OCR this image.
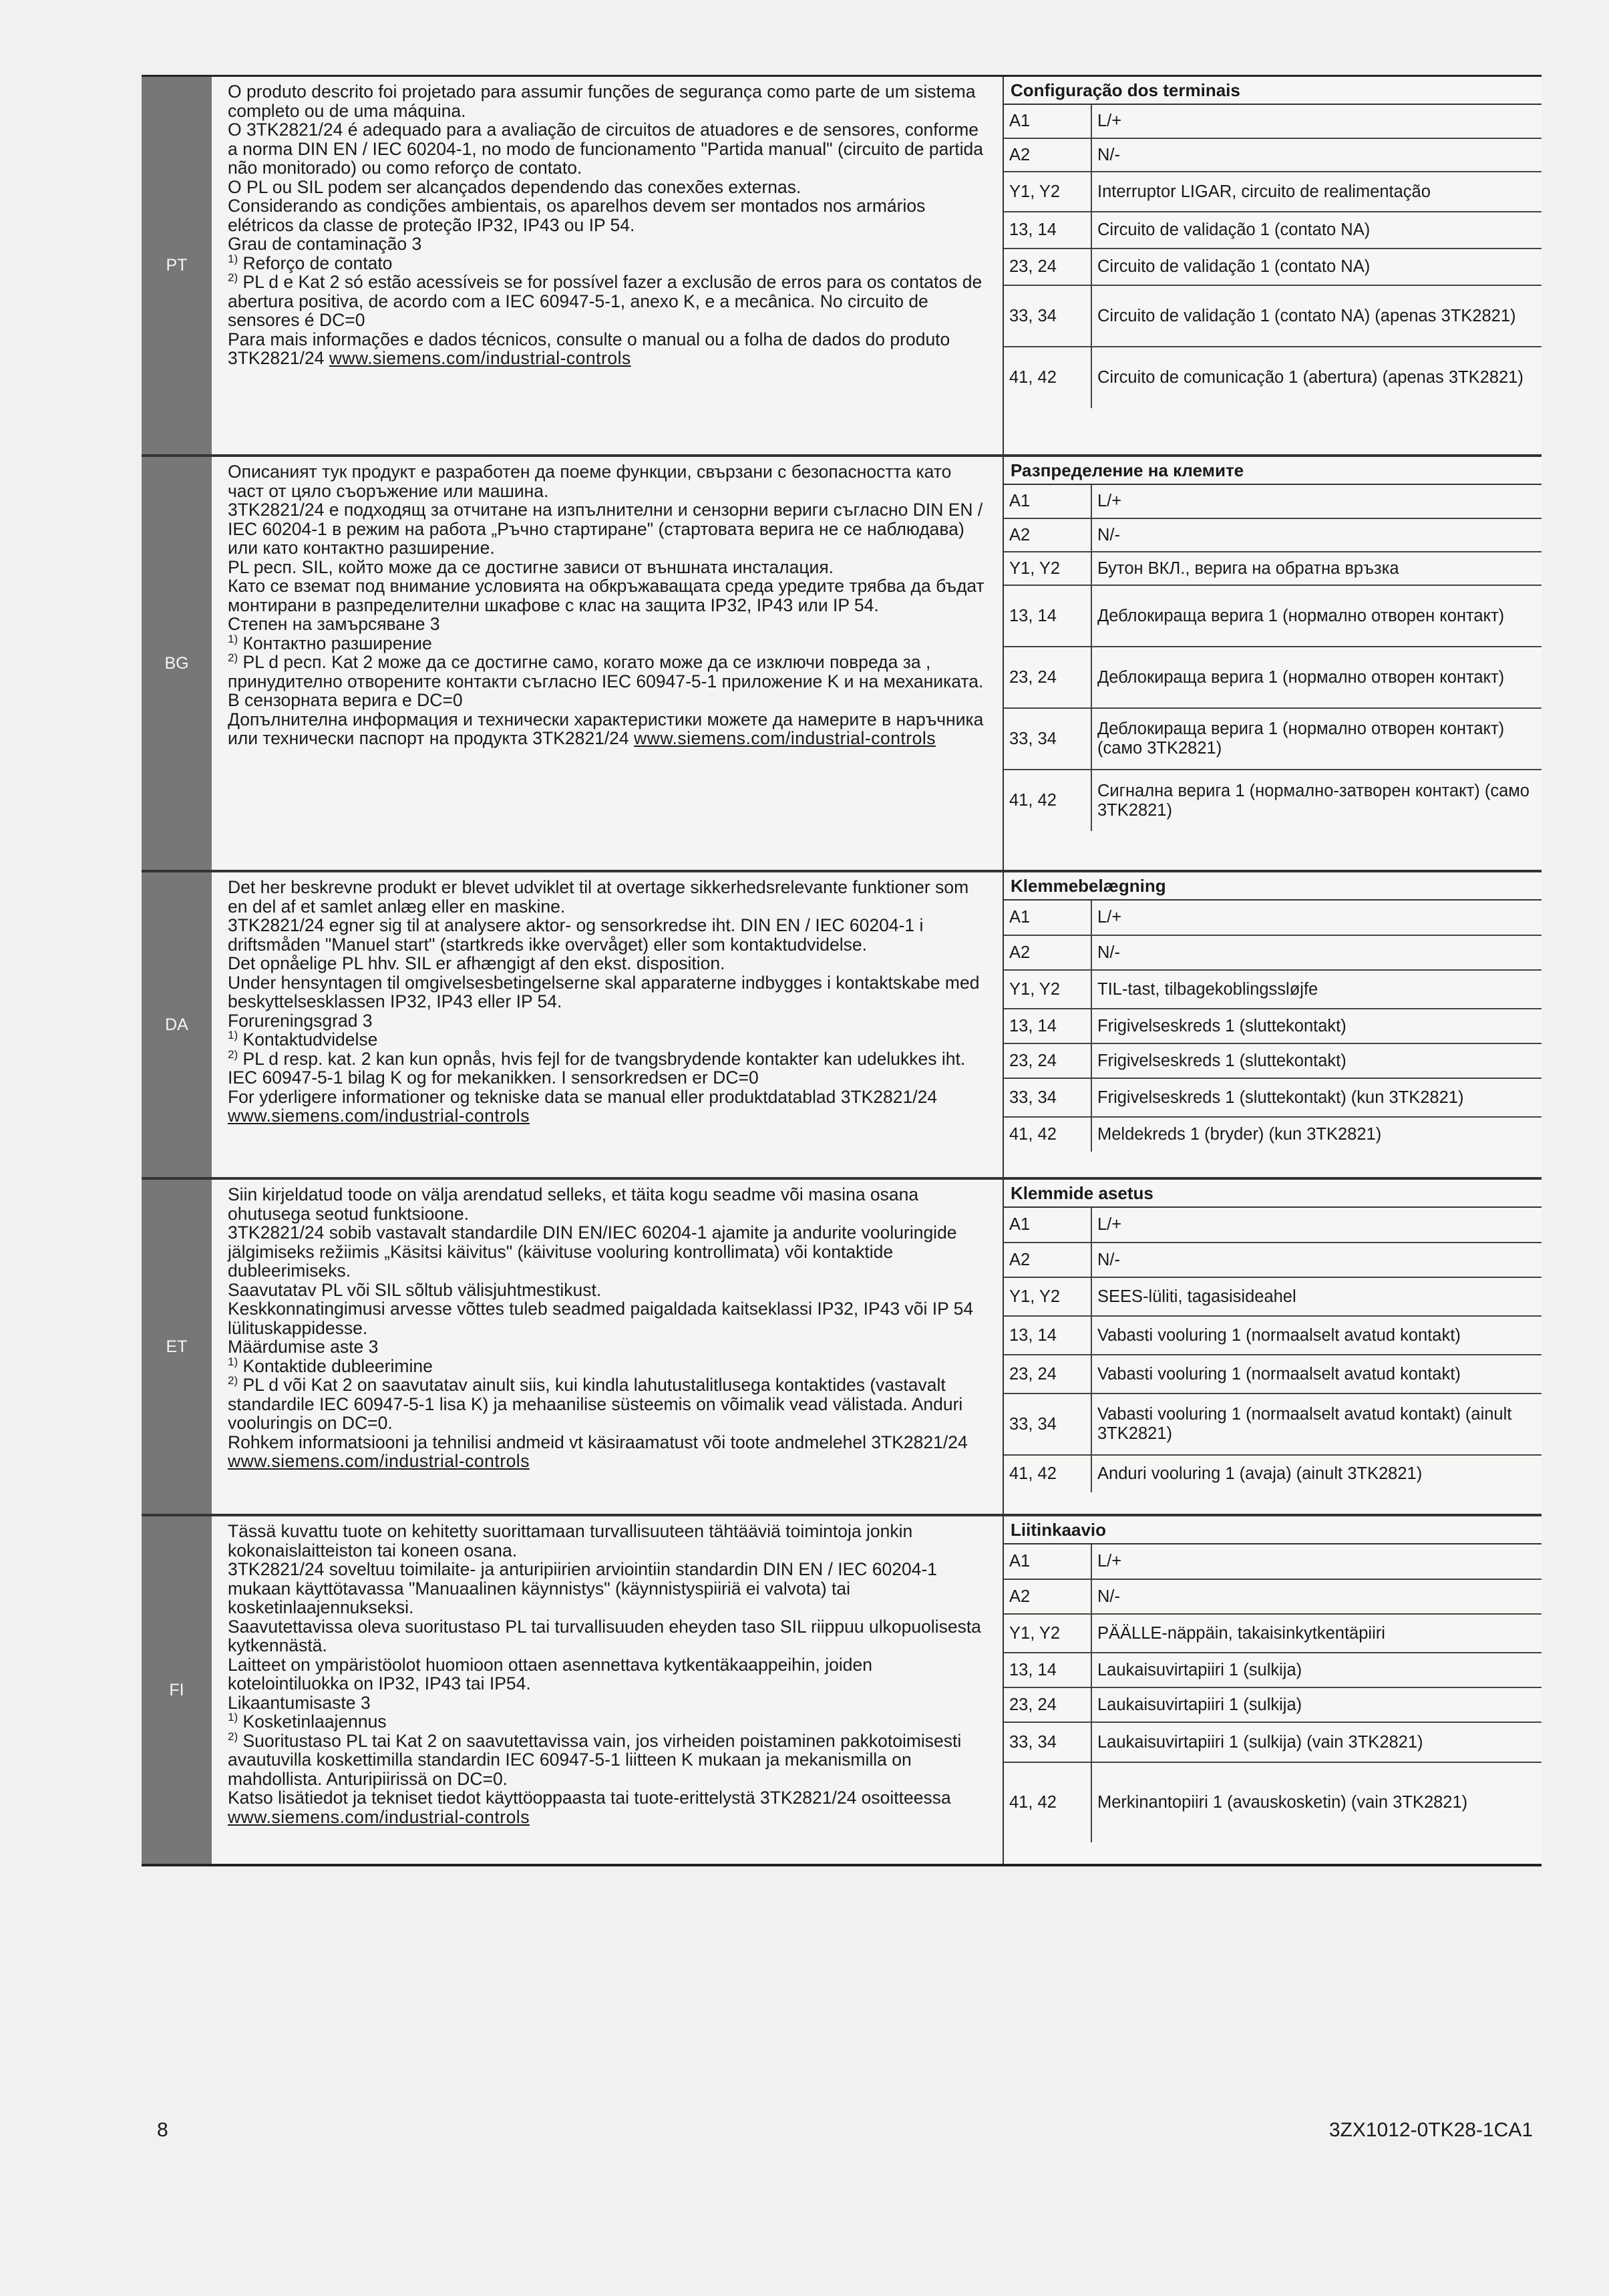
PT

O produto descrito foi projetado para assumir funções de segurança como parte de um sistema completo ou de uma máquina.

O 3TK2821/24 é adequado para a avaliação de circuitos de atuadores e de sensores, conforme a norma DIN EN / IEC 60204-1, no modo de funcionamento "Partida manual" (circuito de partida não monitorado) ou como reforço de contato.

O PL ou SIL podem ser alcançados dependendo das conexões externas.

Considerando as condições ambientais, os aparelhos devem ser montados nos armários elétricos da classe de proteção IP32, IP43 ou IP 54.

Grau de contaminação 3

$^{1)}$ Reforço de contato

$^{2)}$ PL d e Kat 2 só estão acessíveis se for possível fazer a exclusão de erros para os contatos de abertura positiva, de acordo com a IEC 60947-5-1, anexo K, e a mecânica. No circuito de sensores é DC=0

Para mais informações e dados técnicos, consulte o manual ou a folha de dados do produto 3TK2821/24 www.siemens.com/industrial-controls

Configuração dos terminais
A1	L/+
A2	N/-
Y1, Y2	Interruptor LIGAR, circuito de realimentação
13, 14	Circuito de validação 1 (contato NA)
23, 24	Circuito de validação 1 (contato NA)
33, 34	Circuito de validação 1 (contato NA) (apenas 3TK2821)
41, 42	Circuito de comunicação 1 (abertura) (apenas 3TK2821)
BG

Описаният тук продукт е разработен да поеме функции, свързани с безопасността като част от цяло съоръжение или машина.

3TK2821/24 е подходящ за отчитане на изпълнителни и сензорни вериги съгласно DIN EN / IEC 60204-1 в режим на работа „Ръчно стартиране" (стартовата верига не се наблюдава) или като контактно разширение.

PL респ. SIL, който може да се достигне зависи от външната инсталация.

Като се вземат под внимание условията на обкръжаващата среда уредите трябва да бъдат монтирани в разпределителни шкафове с клас на защита IP32, IP43 или IP 54.

Степен на замърсяване 3

$^{1)}$ Контактно разширение

$^{2)}$ PL d респ. Kat 2 може да се достигне само, когато може да се изключи повреда за , принудително отворените контакти съгласно IEC 60947-5-1 приложение K и на механиката. В сензорната верига е DC=0

Допълнителна информация и технически характеристики можете да намерите в наръчника или технически паспорт на продукта 3TK2821/24 www.siemens.com/industrial-controls

Разпределение на клемите
A1	L/+
A2	N/-
Y1, Y2	Бутон ВКЛ., верига на обратна връзка
13, 14	Деблокиращa верига 1 (нормално отворен контакт)
23, 24	Деблокиращa верига 1 (нормално отворен контакт)
33, 34	Деблокиращa верига 1 (нормално отворен контакт) (само 3TK2821)
41, 42	Сигнална верига 1 (нормално-затворен контакт) (само 3TK2821)
DA

Det her beskrevne produkt er blevet udviklet til at overtage sikkerhedsrelevante funktioner som en del af et samlet anlæg eller en maskine.

3TK2821/24 egner sig til at analysere aktor- og sensorkredse iht. DIN EN / IEC 60204-1 i driftsmåden "Manuel start" (startkreds ikke overvåget) eller som kontaktudvidelse.

Det opnåelige PL hhv. SIL er afhængigt af den ekst. disposition.

Under hensyntagen til omgivelsesbetingelserne skal apparaterne indbygges i kontaktskabe med beskyttelsesklassen IP32, IP43 eller IP 54.

Forureningsgrad 3

$^{1)}$ Kontaktudvidelse

$^{2)}$ PL d resp. kat. 2 kan kun opnås, hvis fejl for de tvangsbrydende kontakter kan udelukkes iht. IEC 60947-5-1 bilag K og for mekanikken. I sensorkredsen er DC=0

For yderligere informationer og tekniske data se manual eller produktdatablad 3TK2821/24 www.siemens.com/industrial-controls

Klemmebelægning
A1	L/+
A2	N/-
Y1, Y2	TIL-tast, tilbagekoblingssløjfe
13, 14	Frigivelseskreds 1 (sluttekontakt)
23, 24	Frigivelseskreds 1 (sluttekontakt)
33, 34	Frigivelseskreds 1 (sluttekontakt) (kun 3TK2821)
41, 42	Meldekreds 1 (bryder) (kun 3TK2821)
ET

Siin kirjeldatud toode on välja arendatud selleks, et täita kogu seadme või masina osana ohutusega seotud funktsioone.

3TK2821/24 sobib vastavalt standardile DIN EN/IEC 60204-1 ajamite ja andurite vooluringide jälgimiseks režiimis „Käsitsi käivitus" (käivituse vooluring kontrollimata) või kontaktide dubleerimiseks.

Saavutatav PL või SIL sõltub välisjuhtmestikust.

Keskkonnatingimusi arvesse võttes tuleb seadmed paigaldada kaitseklassi IP32, IP43 või IP 54 lülituskappidesse.

Määrdumise aste 3

$^{1)}$ Kontaktide dubleerimine

$^{2)}$ PL d või Kat 2 on saavutatav ainult siis, kui kindla lahutustalitlusega kontaktides (vastavalt standardile IEC 60947-5-1 lisa K) ja mehaanilise süsteemis on võimalik vead välistada. Anduri vooluringis on DC=0.

Rohkem informatsiooni ja tehnilisi andmeid vt käsiraamatust või toote andmelehel 3TK2821/24 www.siemens.com/industrial-controls

Klemmide asetus
A1	L/+
A2	N/-
Y1, Y2	SEES-lüliti, tagasisideahel
13, 14	Vabasti vooluring 1 (normaalselt avatud kontakt)
23, 24	Vabasti vooluring 1 (normaalselt avatud kontakt)
33, 34	Vabasti vooluring 1 (normaalselt avatud kontakt) (ainult 3TK2821)
41, 42	Anduri vooluring 1 (avaja) (ainult 3TK2821)
FI

Tässä kuvattu tuote on kehitetty suorittamaan turvallisuuteen tähtääviä toimintoja jonkin kokonaislaitteiston tai koneen osana.

3TK2821/24 soveltuu toimilaite- ja anturipiirien arviointiin standardin DIN EN / IEC 60204-1 mukaan käyttötavassa "Manuaalinen käynnistys" (käynnistyspiiriä ei valvota) tai kosketinlaajennukseksi.

Saavutettavissa oleva suoritustaso PL tai turvallisuuden eheyden taso SIL riippuu ulkopuolisesta kytkennästä.

Laitteet on ympäristöolot huomioon ottaen asennettava kytkentäkaappeihin, joiden kotelointiluokka on IP32, IP43 tai IP54.

Likaantumisaste 3

$^{1)}$ Kosketinlaajennus

$^{2)}$ Suoritustaso PL tai Kat 2 on saavutettavissa vain, jos virheiden poistaminen pakkotoimisesti avautuvilla koskettimilla standardin IEC 60947-5-1 liitteen K mukaan ja mekanismilla on mahdollista. Anturipiirissä on DC=0.

Katso lisätiedot ja tekniset tiedot käyttöoppaasta tai tuote-erittelystä 3TK2821/24 osoitteessa www.siemens.com/industrial-controls

Liitinkaavio
A1	L/+
A2	N/-
Y1, Y2	PÄÄLLE-näppäin, takaisinkytkentäpiiri
13, 14	Laukaisuvirtapiiri 1 (sulkija)
23, 24	Laukaisuvirtapiiri 1 (sulkija)
33, 34	Laukaisuvirtapiiri 1 (sulkija) (vain 3TK2821)
41, 42	Merkinantopiiri 1 (avauskosketin) (vain 3TK2821)
8	3ZX1012-0TK28-1CA1
